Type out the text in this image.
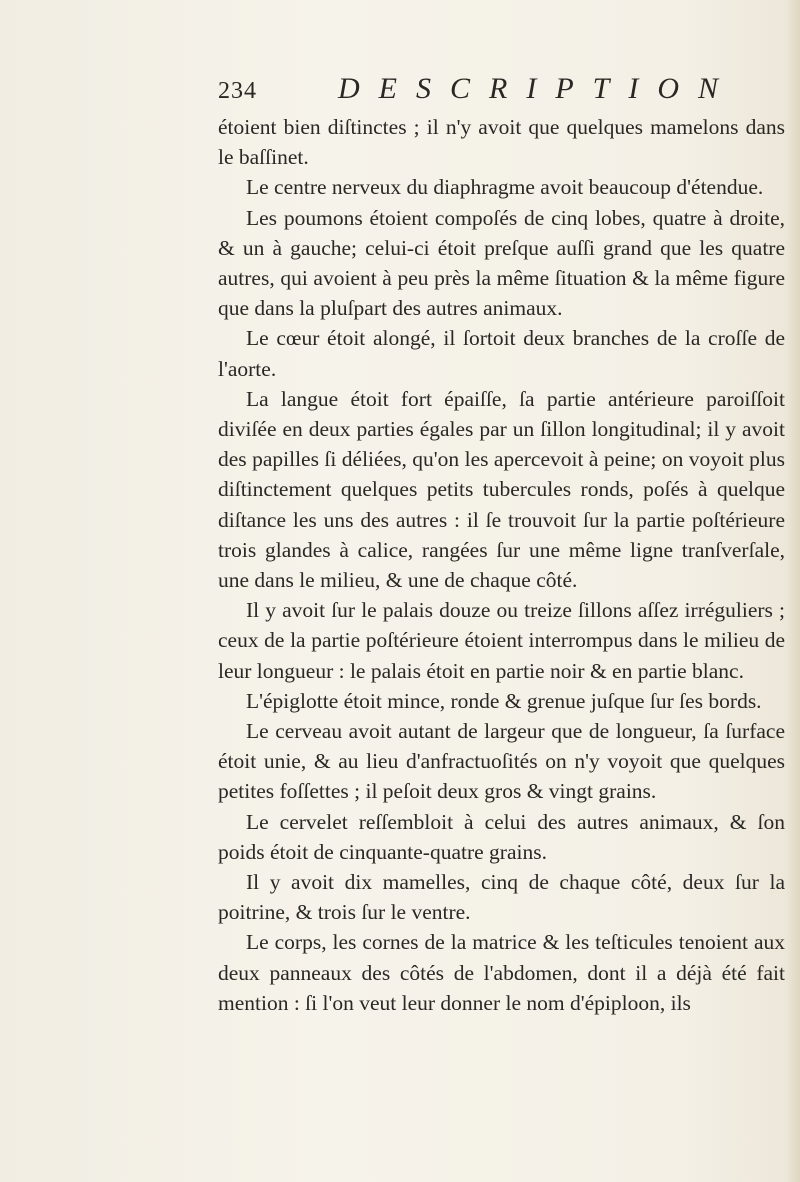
234	DESCRIPTION

étoient bien diſtinctes ; il n'y avoit que quelques mamelons dans le baſſinet.

Le centre nerveux du diaphragme avoit beaucoup d'étendue.

Les poumons étoient compoſés de cinq lobes, quatre à droite, & un à gauche; celui-ci étoit preſque auſſi grand que les quatre autres, qui avoient à peu près la même ſituation & la même figure que dans la pluſpart des autres animaux.

Le cœur étoit alongé, il ſortoit deux branches de la croſſe de l'aorte.

La langue étoit fort épaiſſe, ſa partie antérieure paroiſſoit diviſée en deux parties égales par un ſillon longitudinal; il y avoit des papilles ſi déliées, qu'on les apercevoit à peine; on voyoit plus diſtinctement quelques petits tubercules ronds, poſés à quelque diſtance les uns des autres : il ſe trouvoit ſur la partie poſtérieure trois glandes à calice, rangées ſur une même ligne tranſverſale, une dans le milieu, & une de chaque côté.

Il y avoit ſur le palais douze ou treize ſillons aſſez irréguliers ; ceux de la partie poſtérieure étoient interrompus dans le milieu de leur longueur : le palais étoit en partie noir & en partie blanc.

L'épiglotte étoit mince, ronde & grenue juſque ſur ſes bords.

Le cerveau avoit autant de largeur que de longueur, ſa ſurface étoit unie, & au lieu d'anfractuoſités on n'y voyoit que quelques petites foſſettes ; il peſoit deux gros & vingt grains.

Le cervelet reſſembloit à celui des autres animaux, & ſon poids étoit de cinquante-quatre grains.

Il y avoit dix mamelles, cinq de chaque côté, deux ſur la poitrine, & trois ſur le ventre.

Le corps, les cornes de la matrice & les teſticules tenoient aux deux panneaux des côtés de l'abdomen, dont il a déjà été fait mention : ſi l'on veut leur donner le nom d'épiploon, ils
